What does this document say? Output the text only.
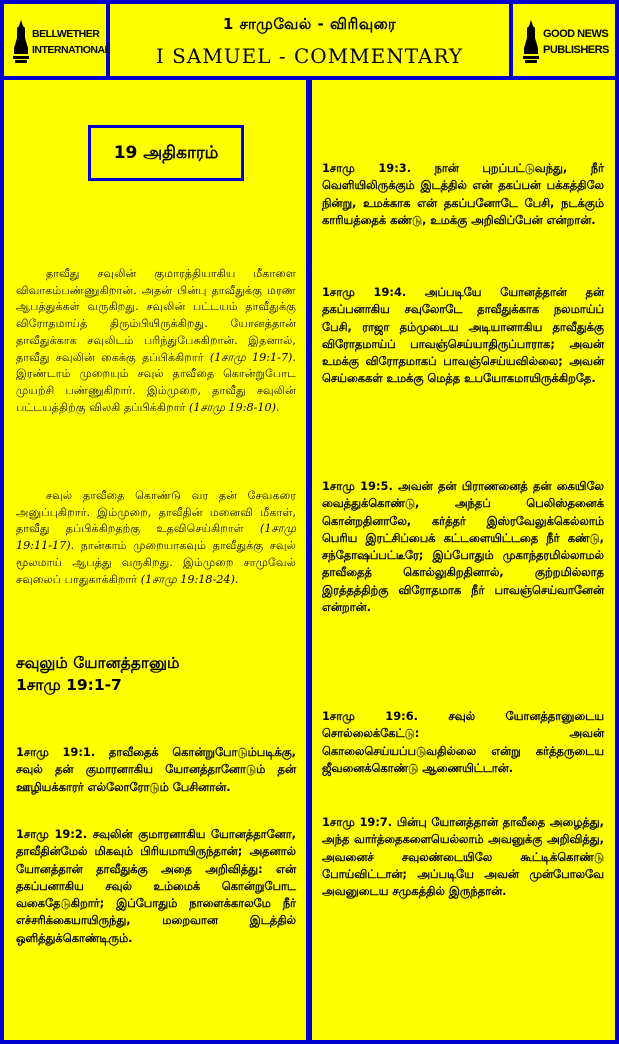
BELLWETHER
INTERNATIONAL
1 சாமுவேல் - விரிவுரை
I SAMUEL - COMMENTARY
GOOD NEWS
PUBLISHERS
19 அதிகாரம்
தாவீது சவுலின் குமாரத்தியாகிய மீகாளை விவாகம்பண்ணுகிறான். அதன் பின்பு தாவீதுக்கு மரண ஆபத்துக்கள் வருகிறது. சவுலின் பட்டயம் தாவீதுக்கு விரோதமாய்த் திரும்பியிருக்கிறது. யோனத்தான் தாவீதுக்காக சவுலிடம் பரிந்துபேசுகிறான். இதனால், தாவீது சவுலின் கைக்கு தப்பிக்கிறார் (1சாமு 19:1-7). இரண்டாம் முறையும் சவுல் தாவீதை கொன்றுபோட முயற்சி பண்ணுகிறார். இம்முறை, தாவீது சவுலின் பட்டயத்திற்கு விலகி தப்பிக்கிறார் (1சாமு 19:8-10).
சவுல் தாவீதை கொண்டு வர தன் சேவகரை அனுப்புகிறார். இம்முறை, தாவீதின் மனைவி மீகாள், தாவீது தப்பிக்கிறதற்கு உதவிசெய்கிறாள் (1சாமு 19:11-17). நான்காம் முறையாகவும் தாவீதுக்கு சவுல் மூலமாய் ஆபத்து வருகிறது. இம்முறை சாமுவேல் சவுலைப் பாதுகாக்கிறார் (1சாமு 19:18-24).
சவுலும் யோனத்தானும்
1சாமு 19:1-7
1சாமு 19:1. தாவீதைக் கொன்றுபோடும்படிக்கு, சவுல் தன் குமாரனாகிய யோனத்தானோடும் தன் ஊழியக்காரர் எல்லோரோடும் பேசினான்.
1சாமு 19:2. சவுலின் குமாரனாகிய யோனத்தானோ, தாவீதின்மேல் மிகவும் பிரியமாயிருந்தான்; அதனால் யோனத்தான் தாவீதுக்கு அதை அறிவித்து: என் தகப்பனாகிய சவுல் உம்மைக் கொன்றுபோட வகைதேடுகிறார்; இப்போதும் நாளைக்காலமே நீர் எச்சரிக்கையாயிருந்து, மறைவான இடத்தில் ஒளித்துக்கொண்டிரும்.
1சாமு 19:3. நான் புறப்பட்டுவந்து, நீர் வெளியிலிருக்கும் இடத்தில் என் தகப்பன் பக்கத்திலே நின்று, உமக்காக என் தகப்பனோடே பேசி, நடக்கும் காரியத்தைக் கண்டு, உமக்கு அறிவிப்பேன் என்றான்.
1சாமு 19:4. அப்படியே யோனத்தான் தன் தகப்பனாகிய சவுலோடே தாவீதுக்காக நலமாய்ப் பேசி, ராஜா தம்முடைய அடியானாகிய தாவீதுக்கு விரோதமாய்ப் பாவஞ்செய்யாதிருப்பாராக; அவன் உமக்கு விரோதமாகப் பாவஞ்செய்யவில்லை; அவன் செய்கைகள் உமக்கு மெத்த உபயோகமாயிருக்கிறதே.
1சாமு 19:5. அவன் தன் பிராணனைத் தன் கையிலே வைத்துக்கொண்டு, அந்தப் பெலிஸ்தனைக் கொன்றதினாலே, கர்த்தர் இஸ்ரவேலுக்கெல்லாம் பெரிய இரட்சிப்பைக் கட்டளையிட்டதை நீர் கண்டு, சந்தோஷப்பட்டீரே; இப்போதும் முகாந்தரமில்லாமல் தாவீதைத் கொல்லுகிறதினால், குற்றமில்லாத இரத்தத்திற்கு விரோதமாக நீர் பாவஞ்செய்வானேன் என்றான்.
1சாமு 19:6. சவுல் யோனத்தானுடைய சொல்லைக்கேட்டு: அவன் கொலைசெய்யப்படுவதில்லை என்று கர்த்தருடைய ஜீவனைக்கொண்டு ஆணையிட்டான்.
1சாமு 19:7. பின்பு யோனத்தான் தாவீதை அழைத்து, அந்த வார்த்தைகளையெல்லாம் அவனுக்கு அறிவித்து, அவனைச் சவுலண்டையிலே கூட்டிக்கொண்டு போய்விட்டான்; அப்படியே அவன் முன்போலவே அவனுடைய சமுகத்தில் இருந்தான்.
